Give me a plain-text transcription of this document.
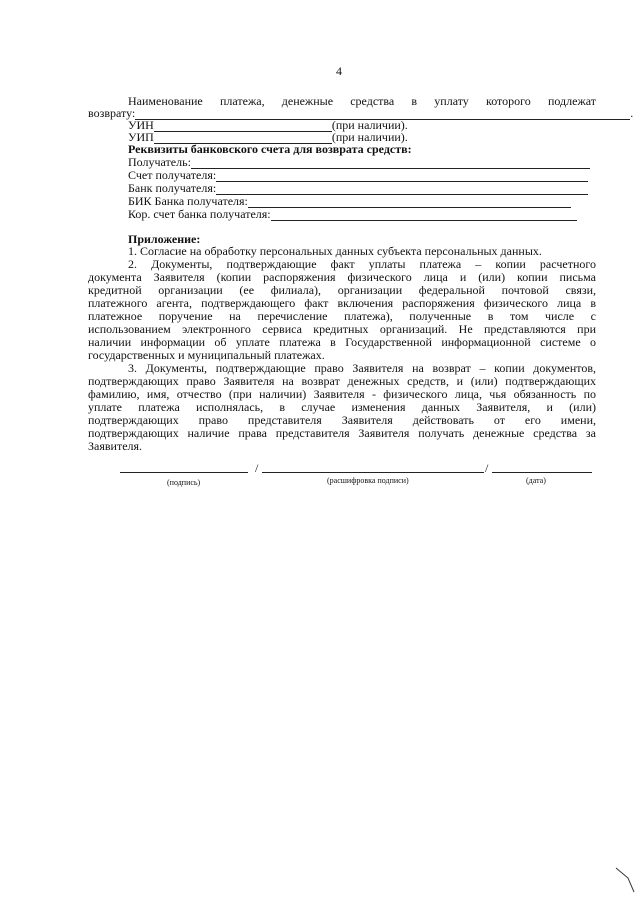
4
Наименование платежа, денежные средства в уплату которого подлежат
возврату:	.
УИН	(при наличии).
УИП	(при наличии).
Реквизиты банковского счета для возврата средств:
Получатель:
Счет получателя:
Банк получателя:
БИК Банка получателя:
Кор. счет банка получателя:
Приложение:
1. Согласие на обработку персональных данных субъекта персональных данных.
2. Документы, подтверждающие факт уплаты платежа – копии расчетного
документа Заявителя (копии распоряжения физического лица и (или) копии письма
кредитной организации (ее филиала), организации федеральной почтовой связи,
платежного агента, подтверждающего факт включения распоряжения физического лица в
платежное поручение на перечисление платежа), полученные в том числе с
использованием электронного сервиса кредитных организаций. Не представляются при
наличии информации об уплате платежа в Государственной информационной системе о
государственных и муниципальный платежах.
3. Документы, подтверждающие право Заявителя на возврат – копии документов,
подтверждающих право Заявителя на возврат денежных средств, и (или) подтверждающих
фамилию, имя, отчество (при наличии) Заявителя - физического лица, чья обязанность по
уплате платежа исполнялась, в случае изменения данных Заявителя, и (или)
подтверждающих право представителя Заявителя действовать от его имени,
подтверждающих наличие права представителя Заявителя получать денежные средства за
Заявителя.
/	/
(подпись)	(расшифровка подписи)	(дата)
